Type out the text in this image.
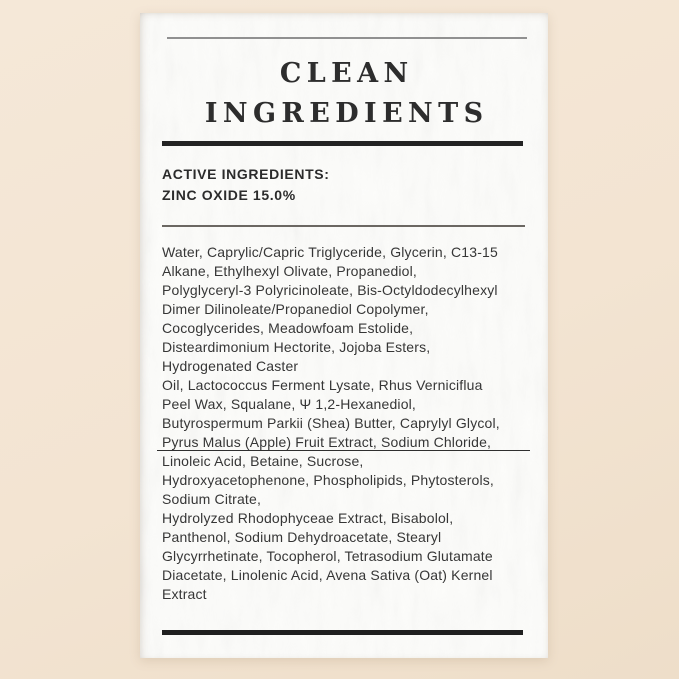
CLEAN
INGREDIENTS
ACTIVE INGREDIENTS:
ZINC OXIDE 15.0%
Water, Caprylic/Capric Triglyceride, Glycerin, C13-15
Alkane, Ethylhexyl Olivate, Propanediol,
Polyglyceryl-3 Polyricinoleate, Bis-Octyldodecylhexyl
Dimer Dilinoleate/Propanediol Copolymer,
Cocoglycerides, Meadowfoam Estolide,
Disteardimonium Hectorite, Jojoba Esters,
Hydrogenated Caster
Oil, Lactococcus Ferment Lysate, Rhus Verniciflua
Peel Wax, Squalane, Ψ 1,2-Hexanediol,
Butyrospermum Parkii (Shea) Butter, Caprylyl Glycol,
Pyrus Malus (Apple) Fruit Extract, Sodium Chloride,
Linoleic Acid, Betaine, Sucrose,
Hydroxyacetophenone, Phospholipids, Phytosterols,
Sodium Citrate,
Hydrolyzed Rhodophyceae Extract, Bisabolol,
Panthenol, Sodium Dehydroacetate, Stearyl
Glycyrrhetinate, Tocopherol, Tetrasodium Glutamate
Diacetate, Linolenic Acid, Avena Sativa (Oat) Kernel
Extract
